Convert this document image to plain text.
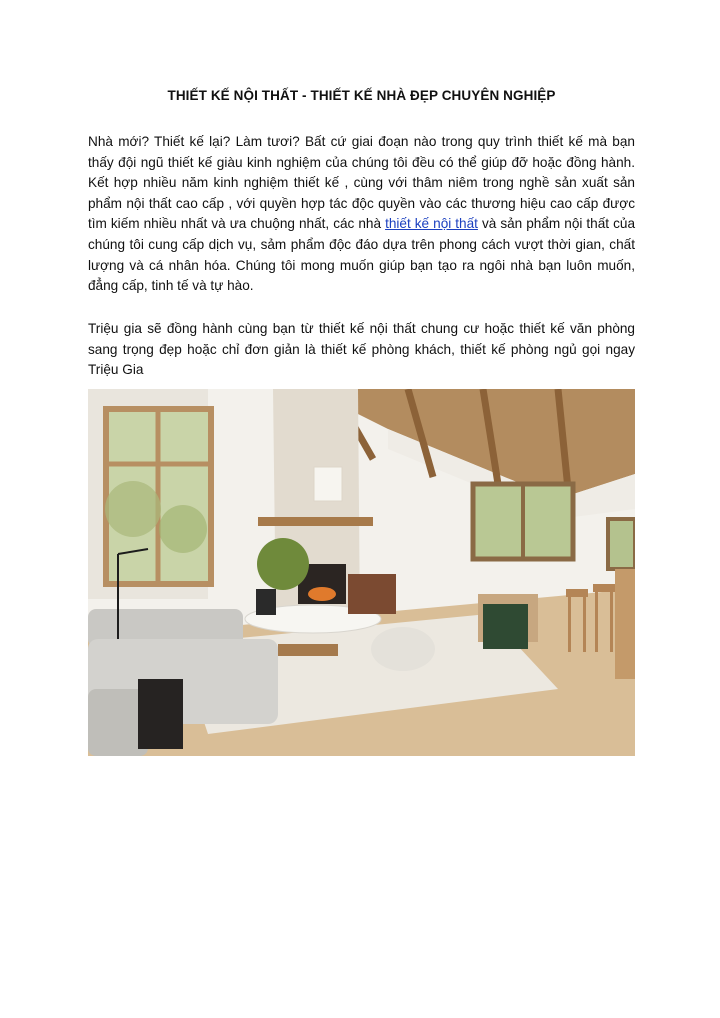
THIẾT KẾ NỘI THẤT - THIẾT KẾ NHÀ ĐẸP CHUYÊN NGHIỆP

Nhà mới? Thiết kế lại? Làm tươi? Bất cứ giai đoạn nào trong quy trình thiết kế mà bạn thấy đội ngũ thiết kế giàu kinh nghiệm của chúng tôi đều có thể giúp đỡ hoặc đồng hành. Kết hợp nhiều năm kinh nghiệm thiết kế , cùng với thâm niêm trong nghề sản xuất sản phẩm nội thất cao cấp , với quyền hợp tác độc quyền vào các thương hiệu cao cấp được tìm kiếm nhiều nhất và ưa chuộng nhất, các nhà thiết kế nội thất và sản phẩm nội thất của chúng tôi cung cấp dịch vụ, sảm phẩm độc đáo dựa trên phong cách vượt thời gian, chất lượng và cá nhân hóa. Chúng tôi mong muốn giúp bạn tạo ra ngôi nhà bạn luôn muốn, đẳng cấp, tinh tế và tự hào.

Triệu gia sẽ đồng hành cùng bạn từ thiết kế nội thất chung cư hoặc thiết kế văn phòng sang trọng đẹp hoặc chỉ đơn giản là thiết kế phòng khách, thiết kế phòng ngủ gọi ngay Triệu Gia
